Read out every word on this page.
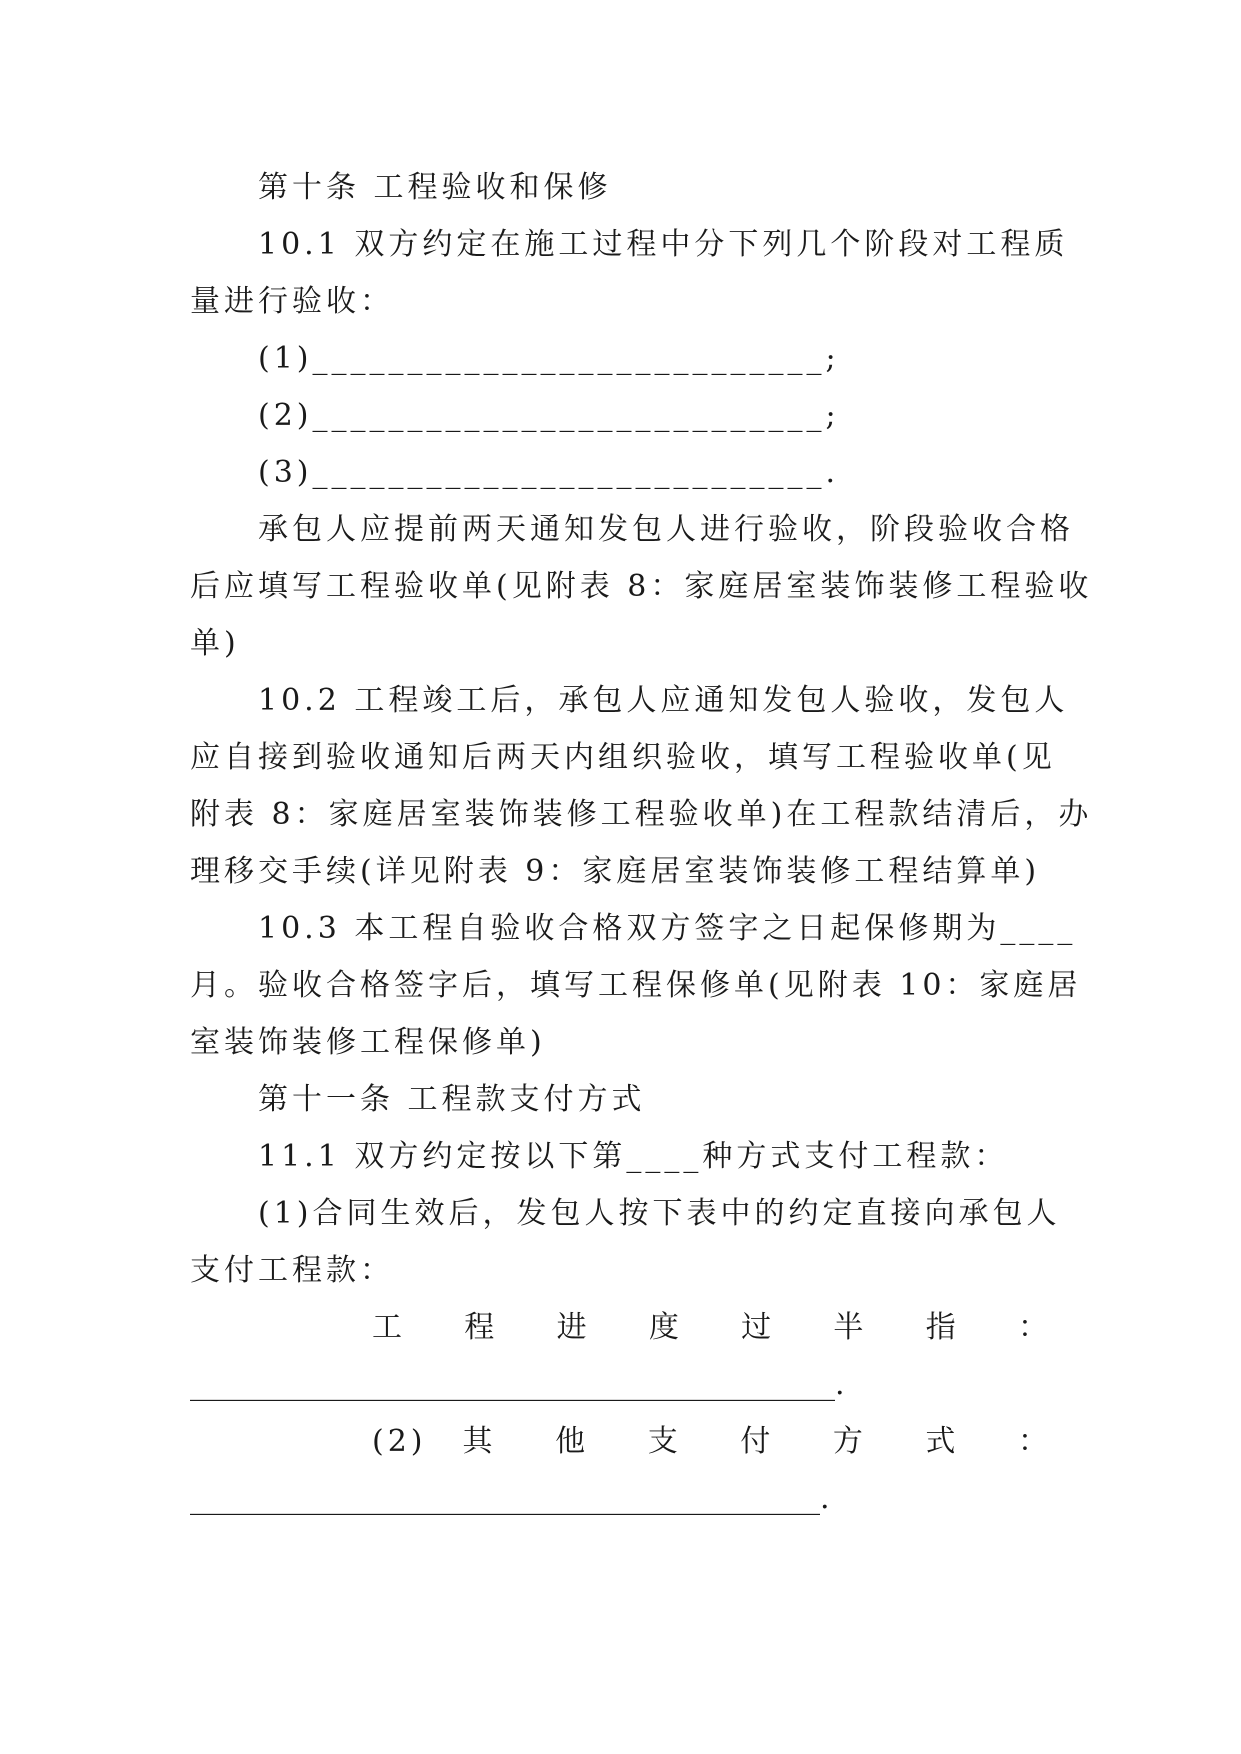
第十条 工程验收和保修
10.1 双方约定在施工过程中分下列几个阶段对工程质
量进行验收：
(1)___________________________;
(2)___________________________;
(3)___________________________.
承包人应提前两天通知发包人进行验收，阶段验收合格
后应填写工程验收单(见附表 8：家庭居室装饰装修工程验收
单)
10.2 工程竣工后，承包人应通知发包人验收，发包人
应自接到验收通知后两天内组织验收，填写工程验收单(见
附表 8：家庭居室装饰装修工程验收单)在工程款结清后，办
理移交手续(详见附表 9：家庭居室装饰装修工程结算单)
10.3 本工程自验收合格双方签字之日起保修期为____
月。验收合格签字后，填写工程保修单(见附表 10：家庭居
室装饰装修工程保修单)
第十一条 工程款支付方式
11.1 双方约定按以下第____种方式支付工程款：
(1)合同生效后，发包人按下表中的约定直接向承包人
支付工程款：
工 程 进 度 过 半 指 ：
___________________________________________.
(2) 其 他 支 付 方 式 ：
__________________________________________.
